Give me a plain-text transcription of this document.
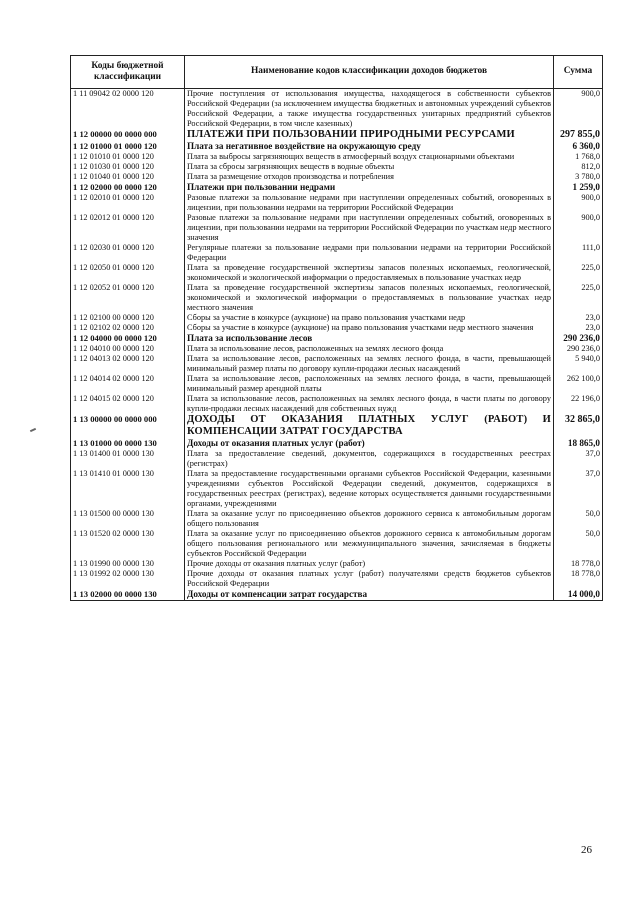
Коды бюджетной классификации	Наименование кодов классификации доходов бюджетов	Сумма
1 11 09042 02 0000 120	Прочие поступления от использования имущества, находящегося в собственности субъектов Российской Федерации (за исключением имущества бюджетных и автономных учреждений субъектов Российской Федерации, а также имущества государственных унитарных предприятий субъектов Российской Федерации, в том числе казенных)	900,0
1 12 00000 00 0000 000	ПЛАТЕЖИ ПРИ ПОЛЬЗОВАНИИ ПРИРОДНЫМИ РЕСУРСАМИ	297 855,0
1 12 01000 01 0000 120	Плата за негативное воздействие на окружающую среду	6 360,0
1 12 01010 01 0000 120	Плата за выбросы загрязняющих веществ в атмосферный воздух стационарными объектами	1 768,0
1 12 01030 01 0000 120	Плата за сбросы загрязняющих веществ в водные объекты	812,0
1 12 01040 01 0000 120	Плата за размещение отходов производства и потребления	3 780,0
1 12 02000 00 0000 120	Платежи при пользовании недрами	1 259,0
1 12 02010 01 0000 120	Разовые платежи за пользование недрами при наступлении определенных событий, оговоренных в лицензии, при пользовании недрами на территории Российской Федерации	900,0
1 12 02012 01 0000 120	Разовые платежи за пользование недрами при наступлении определенных событий, оговоренных в лицензии, при пользовании недрами на территории Российской Федерации по участкам недр местного значения	900,0
1 12 02030 01 0000 120	Регулярные платежи за пользование недрами при пользовании недрами на территории Российской Федерации	111,0
1 12 02050 01 0000 120	Плата за проведение государственной экспертизы запасов полезных ископаемых, геологической, экономической и экологической информации о предоставляемых в пользование участках недр	225,0
1 12 02052 01 0000 120	Плата за проведение государственной экспертизы запасов полезных ископаемых, геологической, экономической и экологической информации о предоставляемых в пользование участках недр местного значения	225,0
1 12 02100 00 0000 120	Сборы за участие в конкурсе (аукционе) на право пользования участками недр	23,0
1 12 02102 02 0000 120	Сборы за участие в конкурсе (аукционе) на право пользования участками недр местного значения	23,0
1 12 04000 00 0000 120	Плата за использование лесов	290 236,0
1 12 04010 00 0000 120	Плата за использование лесов, расположенных на землях лесного фонда	290 236,0
1 12 04013 02 0000 120	Плата за использование лесов, расположенных на землях лесного фонда, в части, превышающей минимальный размер платы по договору купли-продажи лесных насаждений	5 940,0
1 12 04014 02 0000 120	Плата за использование лесов, расположенных на землях лесного фонда, в части, превышающей минимальный размер арендной платы	262 100,0
1 12 04015 02 0000 120	Плата за использование лесов, расположенных на землях лесного фонда, в части платы по договору купли-продажи лесных насаждений для собственных нужд	22 196,0
1 13 00000 00 0000 000	ДОХОДЫ ОТ ОКАЗАНИЯ ПЛАТНЫХ УСЛУГ (РАБОТ) И КОМПЕНСАЦИИ ЗАТРАТ ГОСУДАРСТВА	32 865,0
1 13 01000 00 0000 130	Доходы от оказания платных услуг (работ)	18 865,0
1 13 01400 01 0000 130	Плата за предоставление сведений, документов, содержащихся в государственных реестрах (регистрах)	37,0
1 13 01410 01 0000 130	Плата за предоставление государственными органами субъектов Российской Федерации, казенными учреждениями субъектов Российской Федерации сведений, документов, содержащихся в государственных реестрах (регистрах), ведение которых осуществляется данными государственными органами, учреждениями	37,0
1 13 01500 00 0000 130	Плата за оказание услуг по присоединению объектов дорожного сервиса к автомобильным дорогам общего пользования	50,0
1 13 01520 02 0000 130	Плата за оказание услуг по присоединению объектов дорожного сервиса к автомобильным дорогам общего пользования регионального или межмуниципального значения, зачисляемая в бюджеты субъектов Российской Федерации	50,0
1 13 01990 00 0000 130	Прочие доходы от оказания платных услуг (работ)	18 778,0
1 13 01992 02 0000 130	Прочие доходы от оказания платных услуг (работ) получателями средств бюджетов субъектов Российской Федерации	18 778,0
1 13 02000 00 0000 130	Доходы от компенсации затрат государства	14 000,0
26
